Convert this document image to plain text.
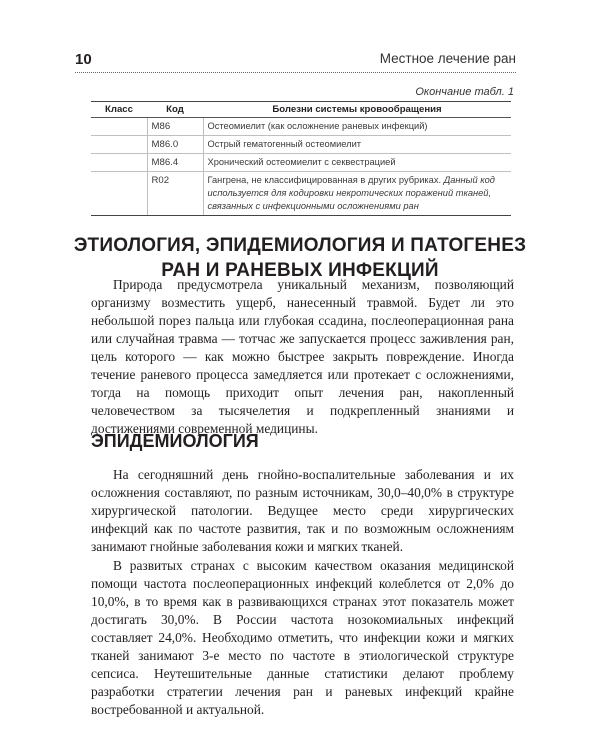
10	Местное лечение ран
Окончание табл. 1
Класс	Код	Болезни системы кровообращения
	M86	Остеомиелит (как осложнение раневых инфекций)
	M86.0	Острый гематогенный остеомиелит
	M86.4	Хронический остеомиелит с секвестрацией
	R02	Гангрена, не классифицированная в других рубриках. Данный код используется для кодировки некротических поражений тканей, связанных с инфекционными осложнениями ран
ЭТИОЛОГИЯ, ЭПИДЕМИОЛОГИЯ И ПАТОГЕНЕЗ
РАН И РАНЕВЫХ ИНФЕКЦИЙ

Природа предусмотрела уникальный механизм, позволяющий организму возместить ущерб, нанесенный травмой. Будет ли это небольшой порез пальца или глубокая ссадина, послеоперационная рана или случайная травма — тотчас же запускается процесс заживления ран, цель которого — как можно быстрее закрыть повреждение. Иногда течение раневого процесса замедляется или протекает с осложнениями, тогда на помощь приходит опыт лечения ран, накопленный человечеством за тысячелетия и подкрепленный знаниями и достижениями современной медицины.

ЭПИДЕМИОЛОГИЯ

На сегодняшний день гнойно-воспалительные заболевания и их осложнения составляют, по разным источникам, 30,0–40,0% в структуре хирургической патологии. Ведущее место среди хирургических инфекций как по частоте развития, так и по возможным осложнениям занимают гнойные заболевания кожи и мягких тканей.

В развитых странах с высоким качеством оказания медицинской помощи частота послеоперационных инфекций колеблется от 2,0% до 10,0%, в то время как в развивающихся странах этот показатель может достигать 30,0%. В России частота нозокомиальных инфекций составляет 24,0%. Необходимо отметить, что инфекции кожи и мягких тканей занимают 3-е место по частоте в этиологической структуре сепсиса. Неутешительные данные статистики делают проблему разработки стратегии лечения ран и раневых инфекций крайне востребованной и актуальной.
